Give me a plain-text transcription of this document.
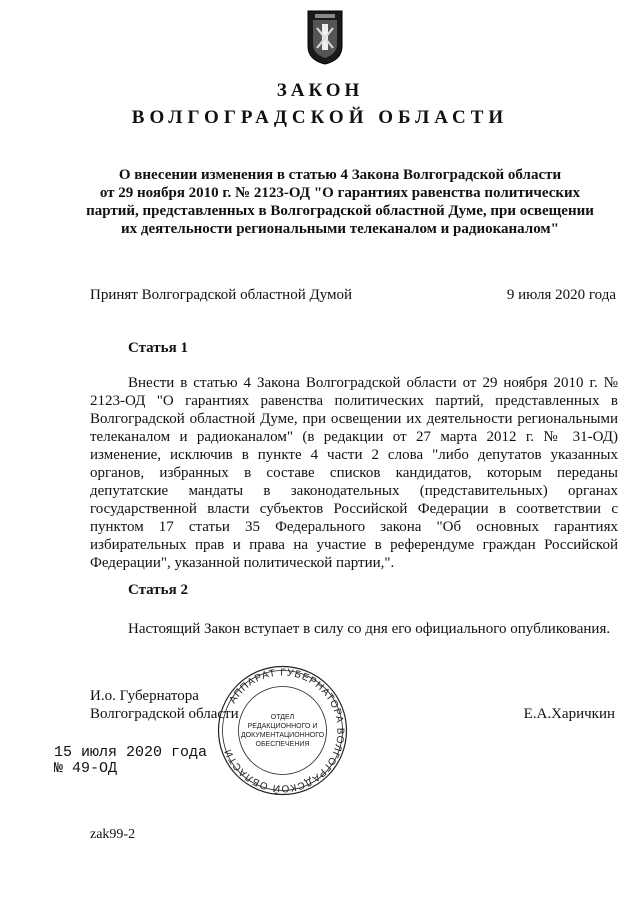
ЗАКОН
ВОЛГОГРАДСКОЙ ОБЛАСТИ
О внесении изменения в статью 4 Закона Волгоградской области
от 29 ноября 2010 г. № 2123-ОД "О гарантиях равенства политических
партий, представленных в Волгоградской областной Думе, при освещении
их деятельности региональными телеканалом и радиоканалом"
Принят Волгоградской областной Думой	9 июля 2020 года
Статья 1

Внести в статью 4 Закона Волгоградской области от 29 ноября 2010 г. № 2123-ОД "О гарантиях равенства политических партий, представленных в Волгоградской областной Думе, при освещении их деятельности региональными телеканалом и радиоканалом" (в редакции от 27 марта 2012 г. № 31-ОД) изменение, исключив в пункте 4 части 2 слова "либо депутатов указанных органов, избранных в составе списков кандидатов, которым переданы депутатские мандаты в законодательных (представительных) органах государственной власти субъектов Российской Федерации в соответствии с пунктом 17 статьи 35 Федерального закона "Об основных гарантиях избирательных прав и права на участие в референдуме граждан Российской Федерации", указанной политической партии,".

Статья 2

Настоящий Закон вступает в силу со дня его официального опубликования.

И.о. Губернатора
Волгоградской области	Е.А.Харичкин
15 июля 2020 года
№ 49-ОД
АППАРАТ ГУБЕРНАТОРА ВОЛГОГРАДСКОЙ ОБЛАСТИ
ОТДЕЛ
РЕДАКЦИОННОГО И
ДОКУМЕНТАЦИОННОГО
ОБЕСПЕЧЕНИЯ
zak99-2
